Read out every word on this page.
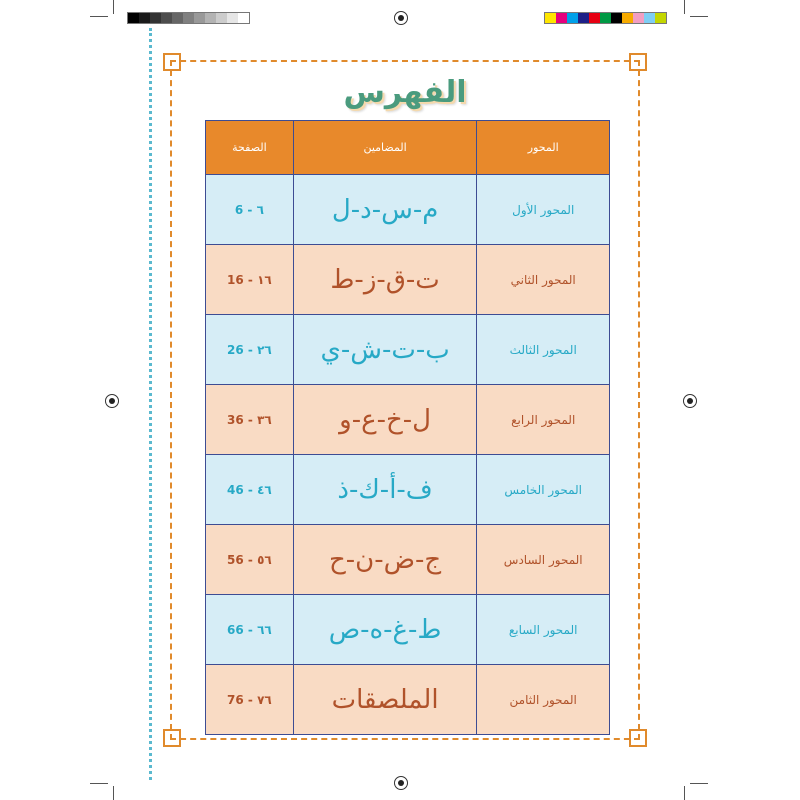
الفهرس
المحور	المضامين	الصفحة
المحور الأول	م-س-د-ل	6 - ٦
المحور الثاني	ت-ق-ز-ط	16 - ١٦
المحور الثالث	ب-ت-ش-ي	26 - ٢٦
المحور الرابع	ل-خ-ع-و	36 - ٣٦
المحور الخامس	ف-أ-ك-ذ	46 - ٤٦
المحور السادس	ج-ض-ن-ح	56 - ٥٦
المحور السابع	ط-غ-ه-ص	66 - ٦٦
المحور الثامن	الملصقات	76 - ٧٦
